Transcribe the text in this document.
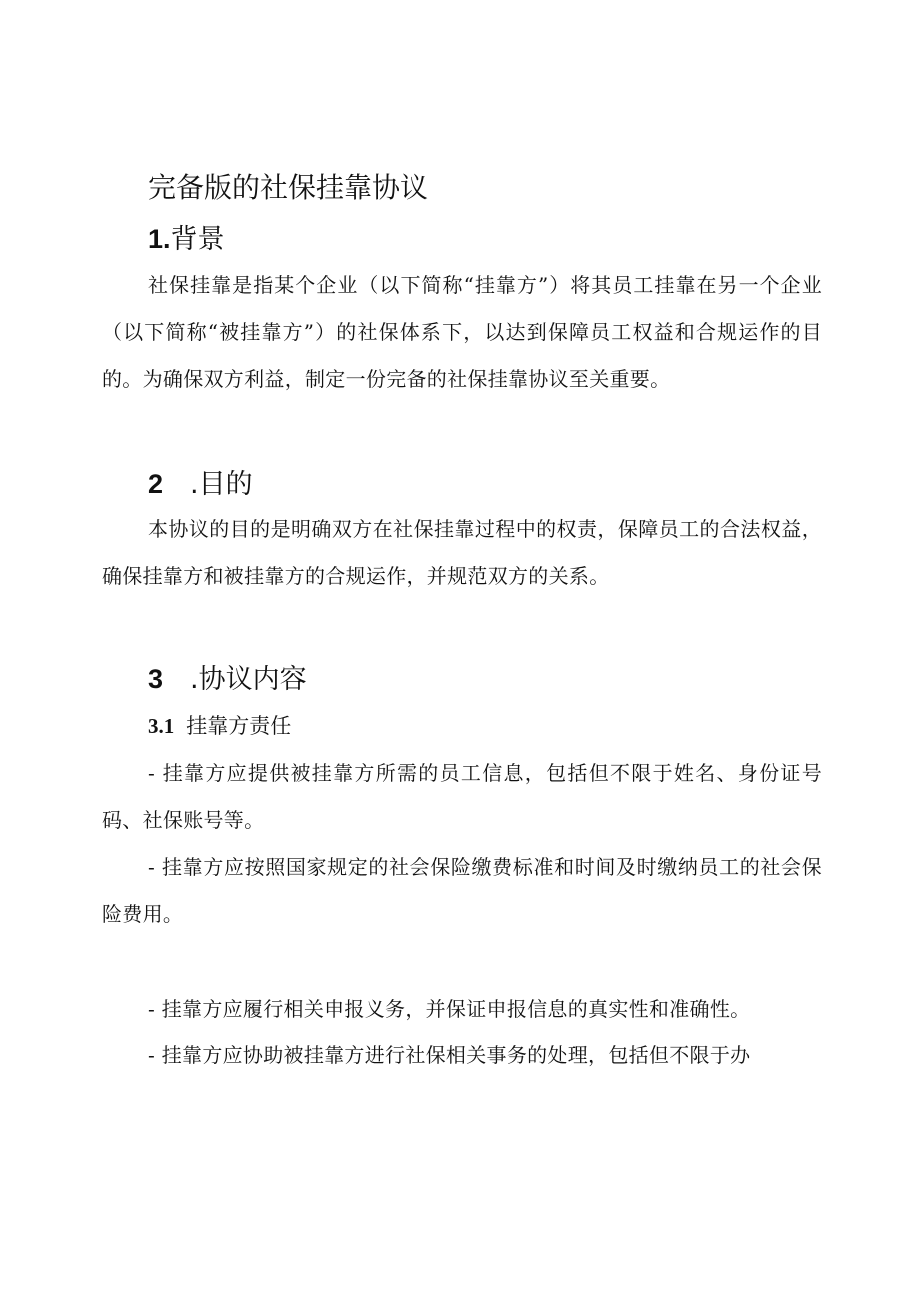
完备版的社保挂靠协议
1.背景

社保挂靠是指某个企业（以下简称“挂靠方”）将其员工挂靠在另一个企业（以下简称“被挂靠方”）的社保体系下，以达到保障员工权益和合规运作的目的。为确保双方利益，制定一份完备的社保挂靠协议至关重要。

2  .目的

本协议的目的是明确双方在社保挂靠过程中的权责，保障员工的合法权益，确保挂靠方和被挂靠方的合规运作，并规范双方的关系。

3  .协议内容
3.1 挂靠方责任

- 挂靠方应提供被挂靠方所需的员工信息，包括但不限于姓名、身份证号码、社保账号等。

- 挂靠方应按照国家规定的社会保险缴费标准和时间及时缴纳员工的社会保险费用。

- 挂靠方应履行相关申报义务，并保证申报信息的真实性和准确性。

- 挂靠方应协助被挂靠方进行社保相关事务的处理，包括但不限于办
